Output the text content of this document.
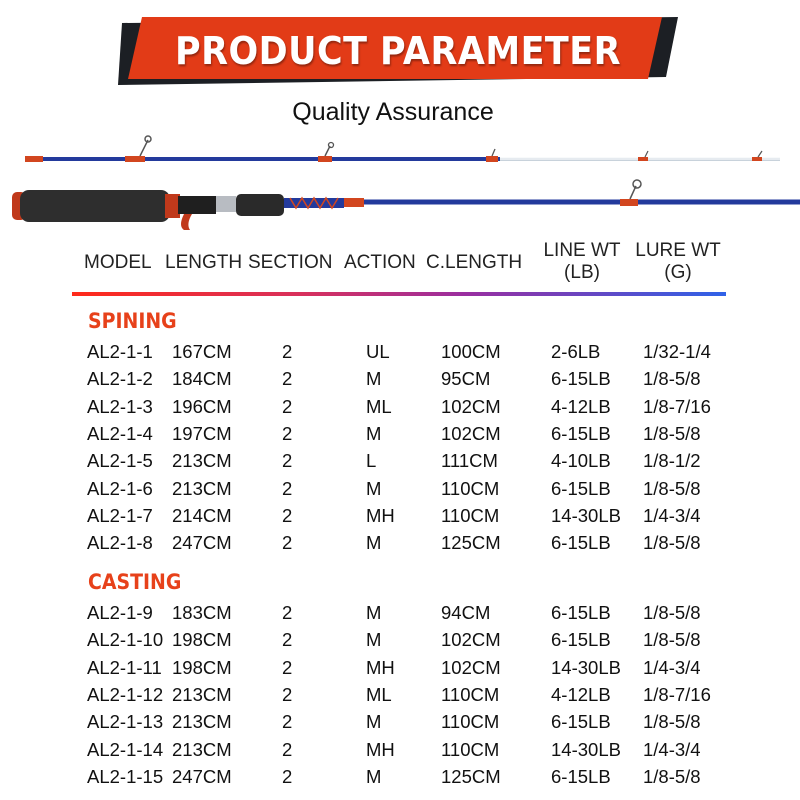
PRODUCT PARAMETER
Quality Assurance
MODEL LENGTH SECTION ACTION C.LENGTH
LINE WT
(LB)
LURE WT
(G)
SPINING
AL2-1-1 167CM	2	UL	100CM	2-6LB 1/32-1/4
AL2-1-2 184CM	2	M	95CM	6-15LB 1/8-5/8
AL2-1-3 196CM	2	ML	102CM	4-12LB 1/8-7/16
AL2-1-4 197CM	2	M	102CM	6-15LB 1/8-5/8
AL2-1-5 213CM	2	L	111CM	4-10LB 1/8-1/2
AL2-1-6 213CM	2	M	110CM	6-15LB 1/8-5/8
AL2-1-7 214CM	2	MH 110CM	14-30LB 1/4-3/4
AL2-1-8 247CM	2	M	125CM	6-15LB 1/8-5/8
CASTING
AL2-1-9 183CM	2	M	94CM	6-15LB 1/8-5/8
AL2-1-10 198CM	2	M	102CM	6-15LB 1/8-5/8
AL2-1-11 198CM	2	MH 102CM	14-30LB 1/4-3/4
AL2-1-12 213CM	2	ML	110CM	4-12LB 1/8-7/16
AL2-1-13 213CM	2	M	110CM	6-15LB 1/8-5/8
AL2-1-14 213CM	2	MH 110CM	14-30LB 1/4-3/4
AL2-1-15 247CM	2	M	125CM	6-15LB 1/8-5/8
